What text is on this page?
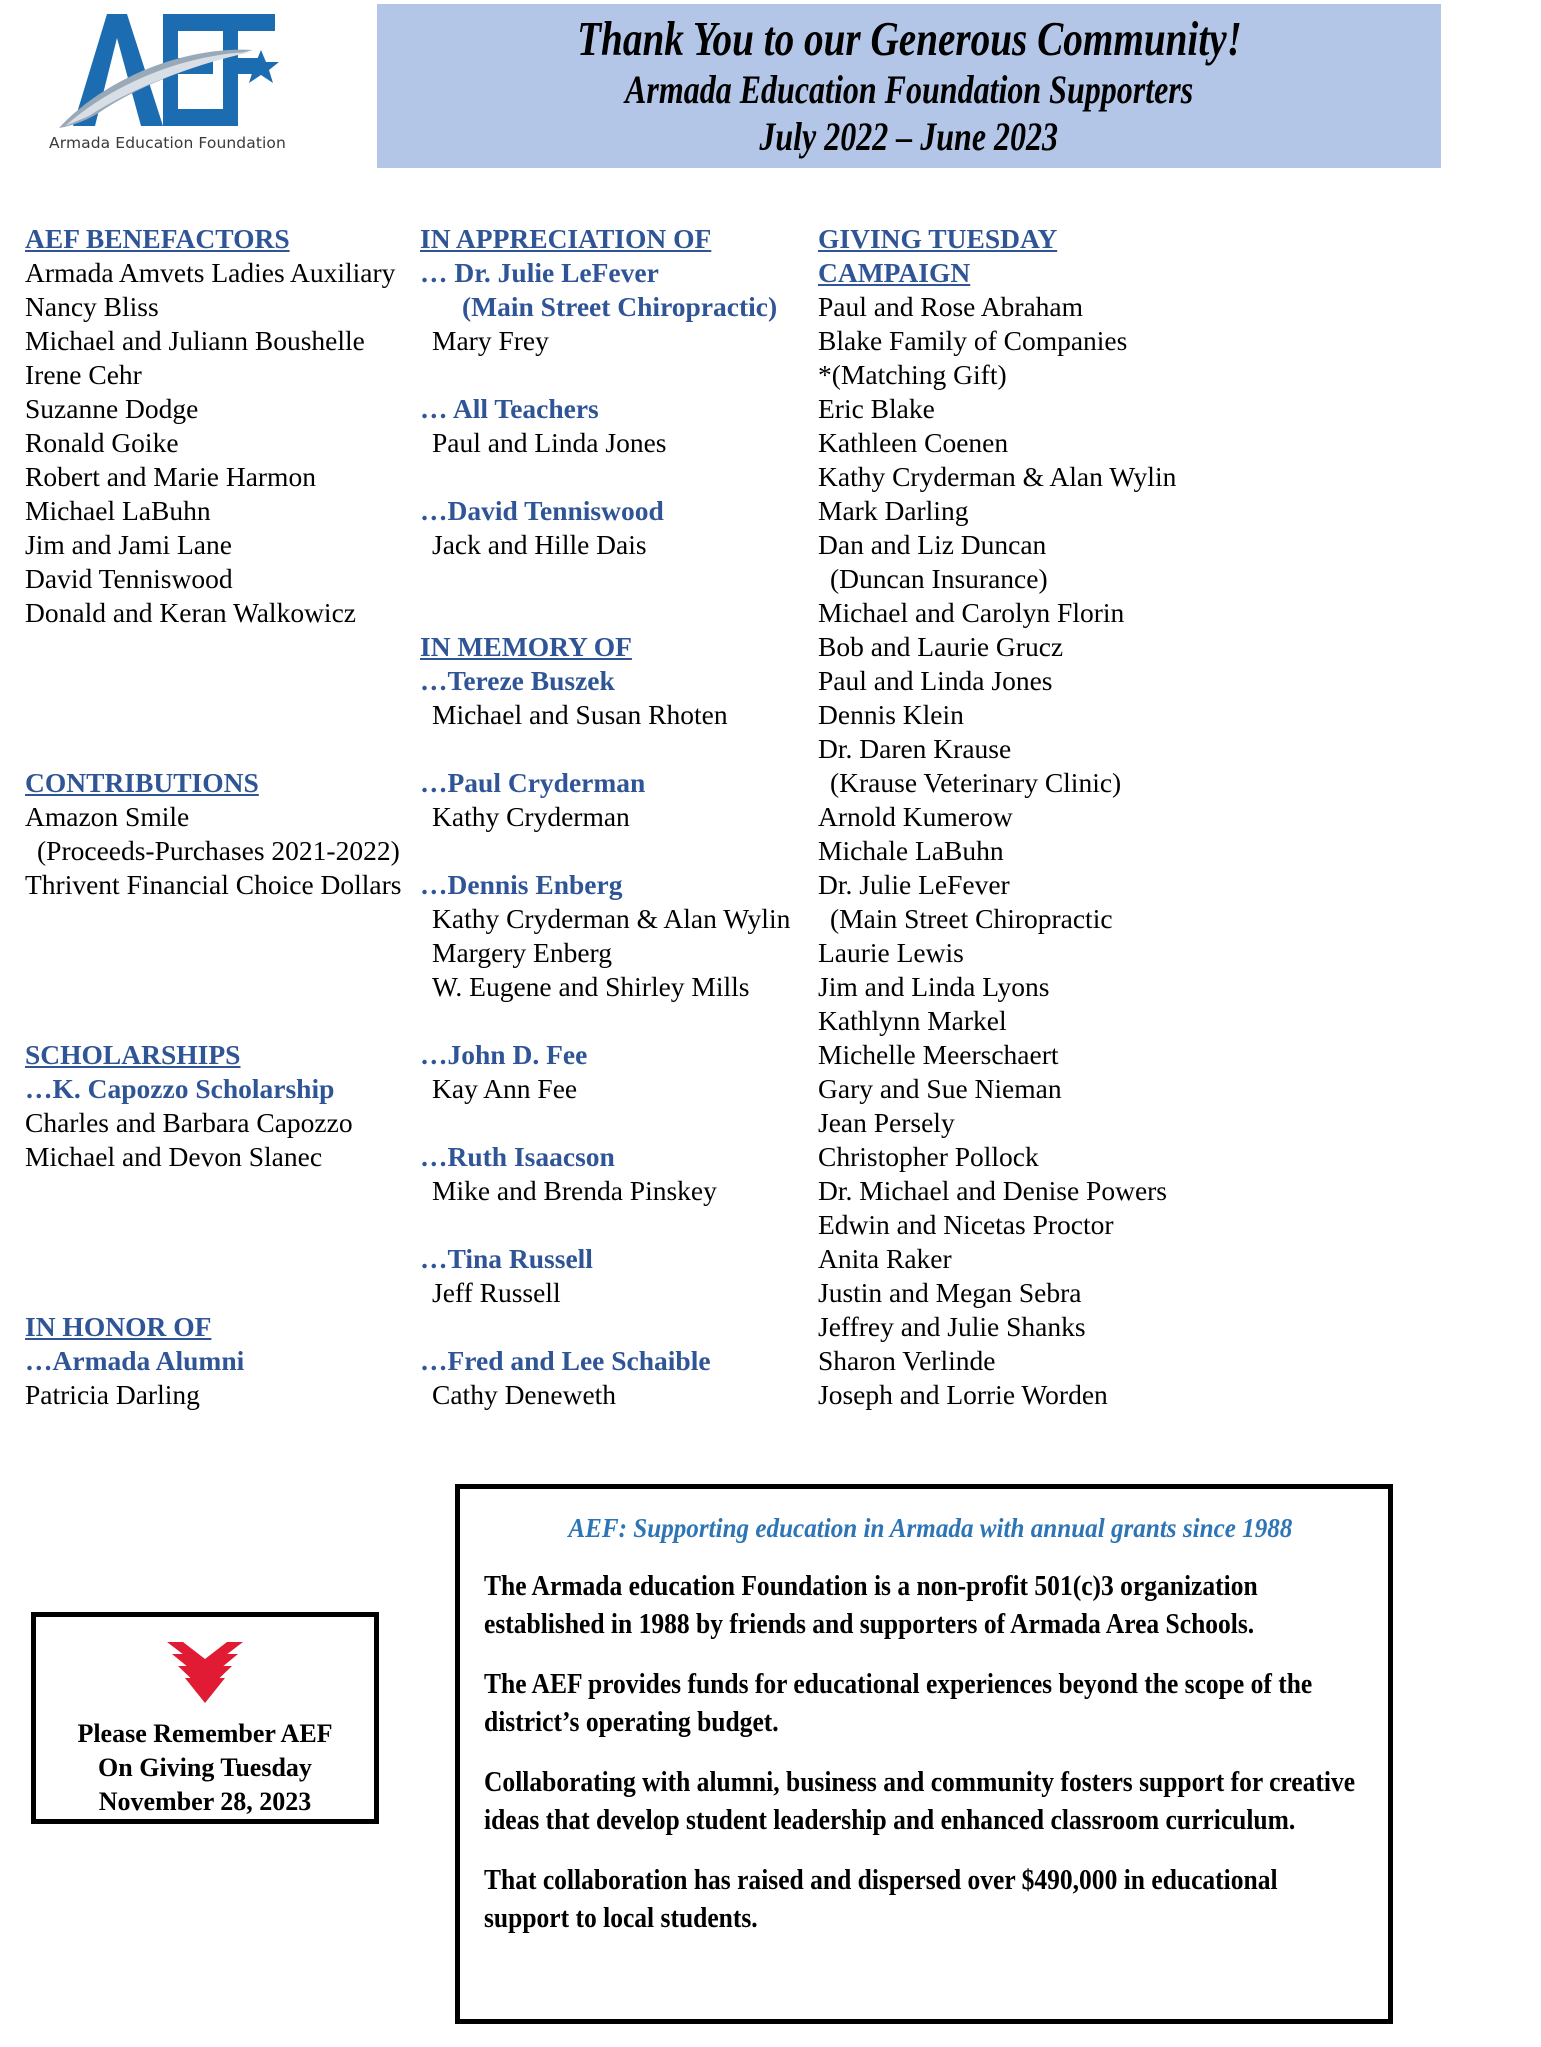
Armada Education Foundation
Thank You to our Generous Community!
Armada Education Foundation Supporters
July 2022 – June 2023
AEF BENEFACTORS
Armada Amvets Ladies Auxiliary
Nancy Bliss
Michael and Juliann Boushelle
Irene Cehr
Suzanne Dodge
Ronald Goike
Robert and Marie Harmon
Michael LaBuhn
Jim and Jami Lane
David Tenniswood
Donald and Keran Walkowicz
CONTRIBUTIONS
Amazon Smile
(Proceeds-Purchases 2021-2022)
Thrivent Financial Choice Dollars
SCHOLARSHIPS
…K. Capozzo Scholarship
Charles and Barbara Capozzo
Michael and Devon Slanec
IN HONOR OF
…Armada Alumni
Patricia Darling
IN APPRECIATION OF
… Dr. Julie LeFever
(Main Street Chiropractic)
Mary Frey
… All Teachers
Paul and Linda Jones
…David Tenniswood
Jack and Hille Dais
IN MEMORY OF
…Tereze Buszek
Michael and Susan Rhoten
…Paul Cryderman
Kathy Cryderman
…Dennis Enberg
Kathy Cryderman & Alan Wylin
Margery Enberg
W. Eugene and Shirley Mills
…John D. Fee
Kay Ann Fee
…Ruth Isaacson
Mike and Brenda Pinskey
…Tina Russell
Jeff Russell
…Fred and Lee Schaible
Cathy Deneweth
GIVING TUESDAY
CAMPAIGN
Paul and Rose Abraham
Blake Family of Companies
*(Matching Gift)
Eric Blake
Kathleen Coenen
Kathy Cryderman & Alan Wylin
Mark Darling
Dan and Liz Duncan
(Duncan Insurance)
Michael and Carolyn Florin
Bob and Laurie Grucz
Paul and Linda Jones
Dennis Klein
Dr. Daren Krause
(Krause Veterinary Clinic)
Arnold Kumerow
Michale LaBuhn
Dr. Julie LeFever
(Main Street Chiropractic
Laurie Lewis
Jim and Linda Lyons
Kathlynn Markel
Michelle Meerschaert
Gary and Sue Nieman
Jean Persely
Christopher Pollock
Dr. Michael and Denise Powers
Edwin and Nicetas Proctor
Anita Raker
Justin and Megan Sebra
Jeffrey and Julie Shanks
Sharon Verlinde
Joseph and Lorrie Worden
Please Remember AEF
On Giving Tuesday
November 28, 2023
AEF: Supporting education in Armada with annual grants since 1988
The Armada education Foundation is a non-profit 501(c)3 organization established in 1988 by friends and supporters of Armada Area Schools.
The AEF provides funds for educational experiences beyond the scope of the district’s operating budget.
Collaborating with alumni, business and community fosters support for creative ideas that develop student leadership and enhanced classroom curriculum.
That collaboration has raised and dispersed over $490,000 in educational support to local students.
